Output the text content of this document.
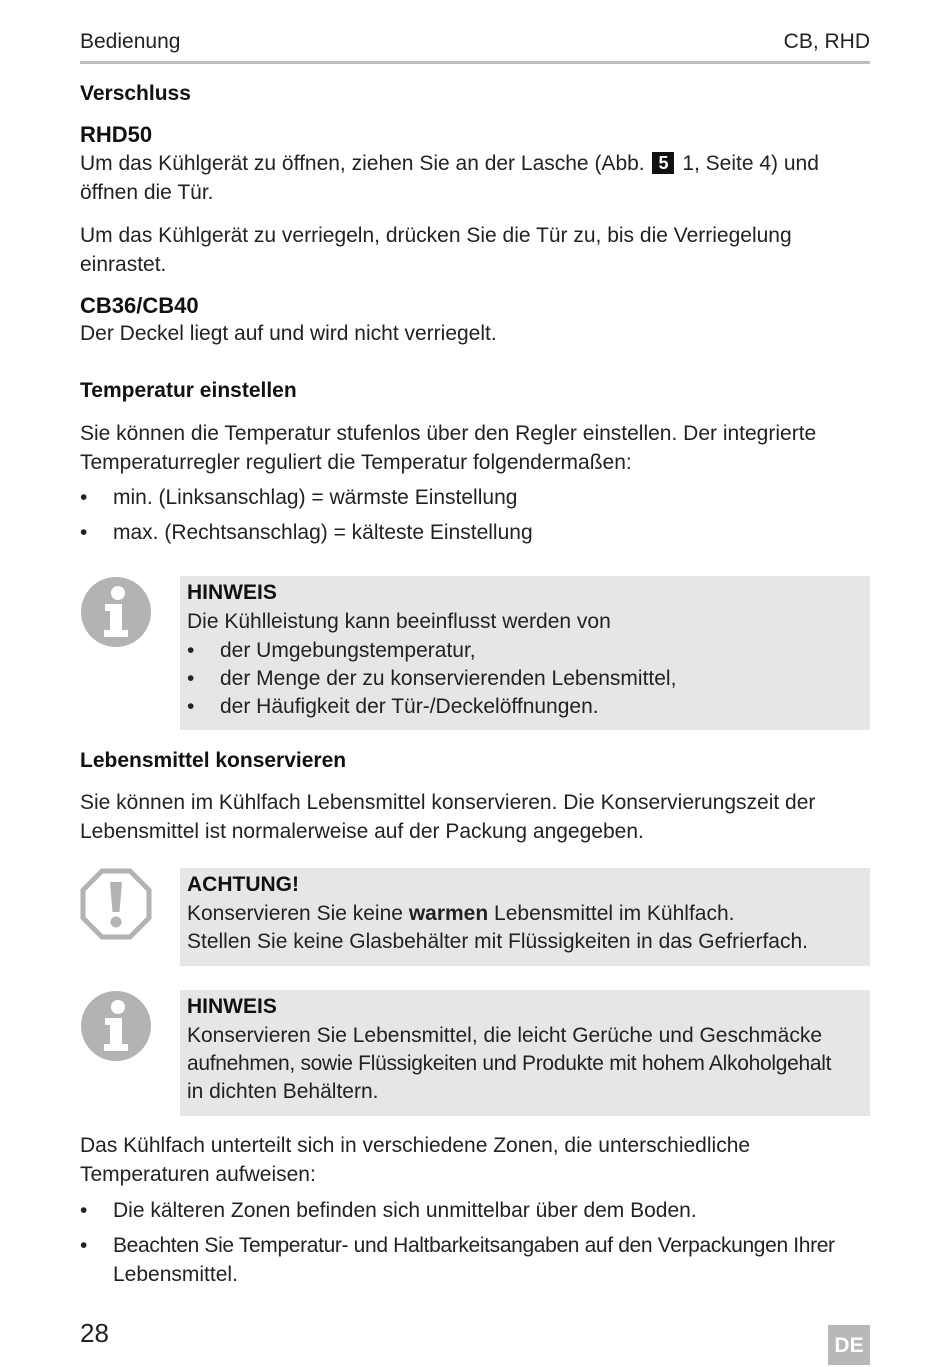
Bedienung	CB, RHD
Verschluss
RHD50
Um das Kühlgerät zu öffnen, ziehen Sie an der Lasche (Abb. 5 1, Seite 4) und
öffnen die Tür.
Um das Kühlgerät zu verriegeln, drücken Sie die Tür zu, bis die Verriegelung
einrastet.
CB36/CB40
Der Deckel liegt auf und wird nicht verriegelt.
Temperatur einstellen
Sie können die Temperatur stufenlos über den Regler einstellen. Der integrierte
Temperaturregler reguliert die Temperatur folgendermaßen:
• min. (Linksanschlag) = wärmste Einstellung
• max. (Rechtsanschlag) = kälteste Einstellung
HINWEIS
Die Kühlleistung kann beeinflusst werden von
• der Umgebungstemperatur,
• der Menge der zu konservierenden Lebensmittel,
• der Häufigkeit der Tür-/Deckelöffnungen.
Lebensmittel konservieren
Sie können im Kühlfach Lebensmittel konservieren. Die Konservierungszeit der
Lebensmittel ist normalerweise auf der Packung angegeben.
ACHTUNG!
Konservieren Sie keine warmen Lebensmittel im Kühlfach.
Stellen Sie keine Glasbehälter mit Flüssigkeiten in das Gefrierfach.
HINWEIS
Konservieren Sie Lebensmittel, die leicht Gerüche und Geschmäcke
aufnehmen, sowie Flüssigkeiten und Produkte mit hohem Alkoholgehalt
in dichten Behältern.
Das Kühlfach unterteilt sich in verschiedene Zonen, die unterschiedliche
Temperaturen aufweisen:
• Die kälteren Zonen befinden sich unmittelbar über dem Boden.
• Beachten Sie Temperatur- und Haltbarkeitsangaben auf den Verpackungen Ihrer
Lebensmittel.
28	DE
